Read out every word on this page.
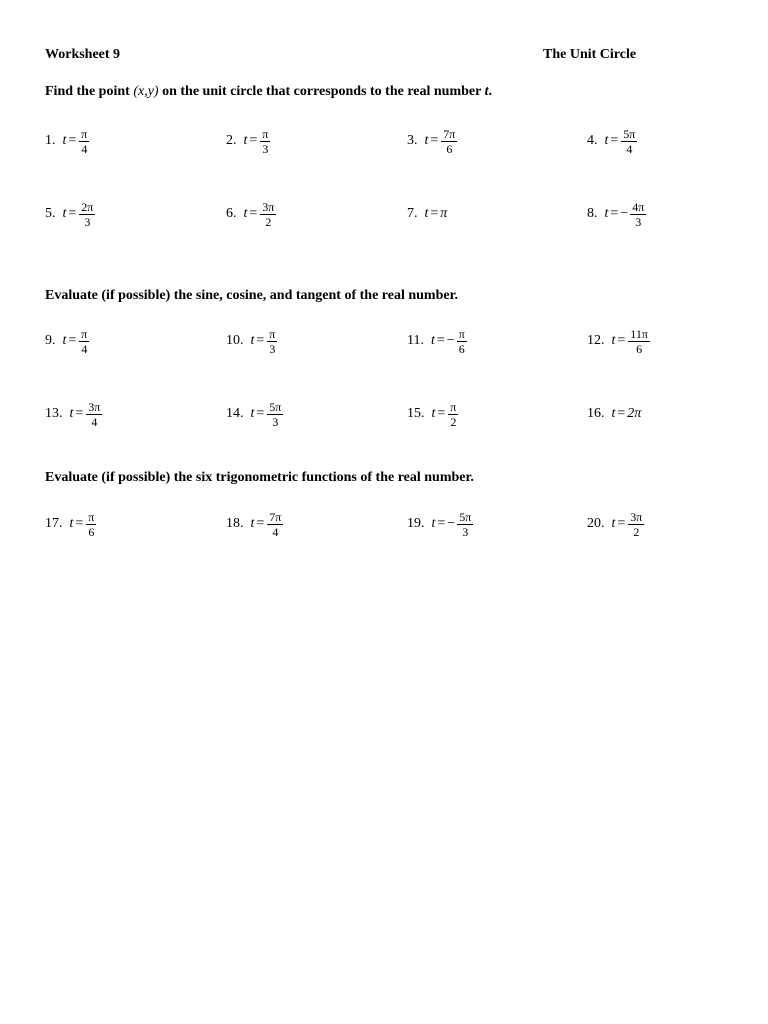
Worksheet 9	The Unit Circle
Find the point (x,y) on the unit circle that corresponds to the real number t.
Evaluate (if possible) the sine, cosine, and tangent of the real number.
Evaluate (if possible) the six trigonometric functions of the real number.
1. $t = \frac{\pi}{4}$	2. $t = \frac{\pi}{3}$	3. $t = \frac{7\pi}{6}$	4. $t = \frac{5\pi}{4}$
5. $t = \frac{2\pi}{3}$	6. $t = \frac{3\pi}{2}$	7. t = π	8. t = − $\frac{4\pi}{3}$
9. $t = \frac{\pi}{4}$	10. $t = \frac{\pi}{3}$	11. t = − $\frac{\pi}{6}$	12. $t = \frac{11\pi}{6}$
13. $t = \frac{3\pi}{4}$	14. $t = \frac{5\pi}{3}$	15. $t = \frac{\pi}{2}$	16. t = 2π
17. $t = \frac{\pi}{6}$	18. $t = \frac{7\pi}{4}$	19. t = − $\frac{5\pi}{3}$	20. $t = \frac{3\pi}{2}$
